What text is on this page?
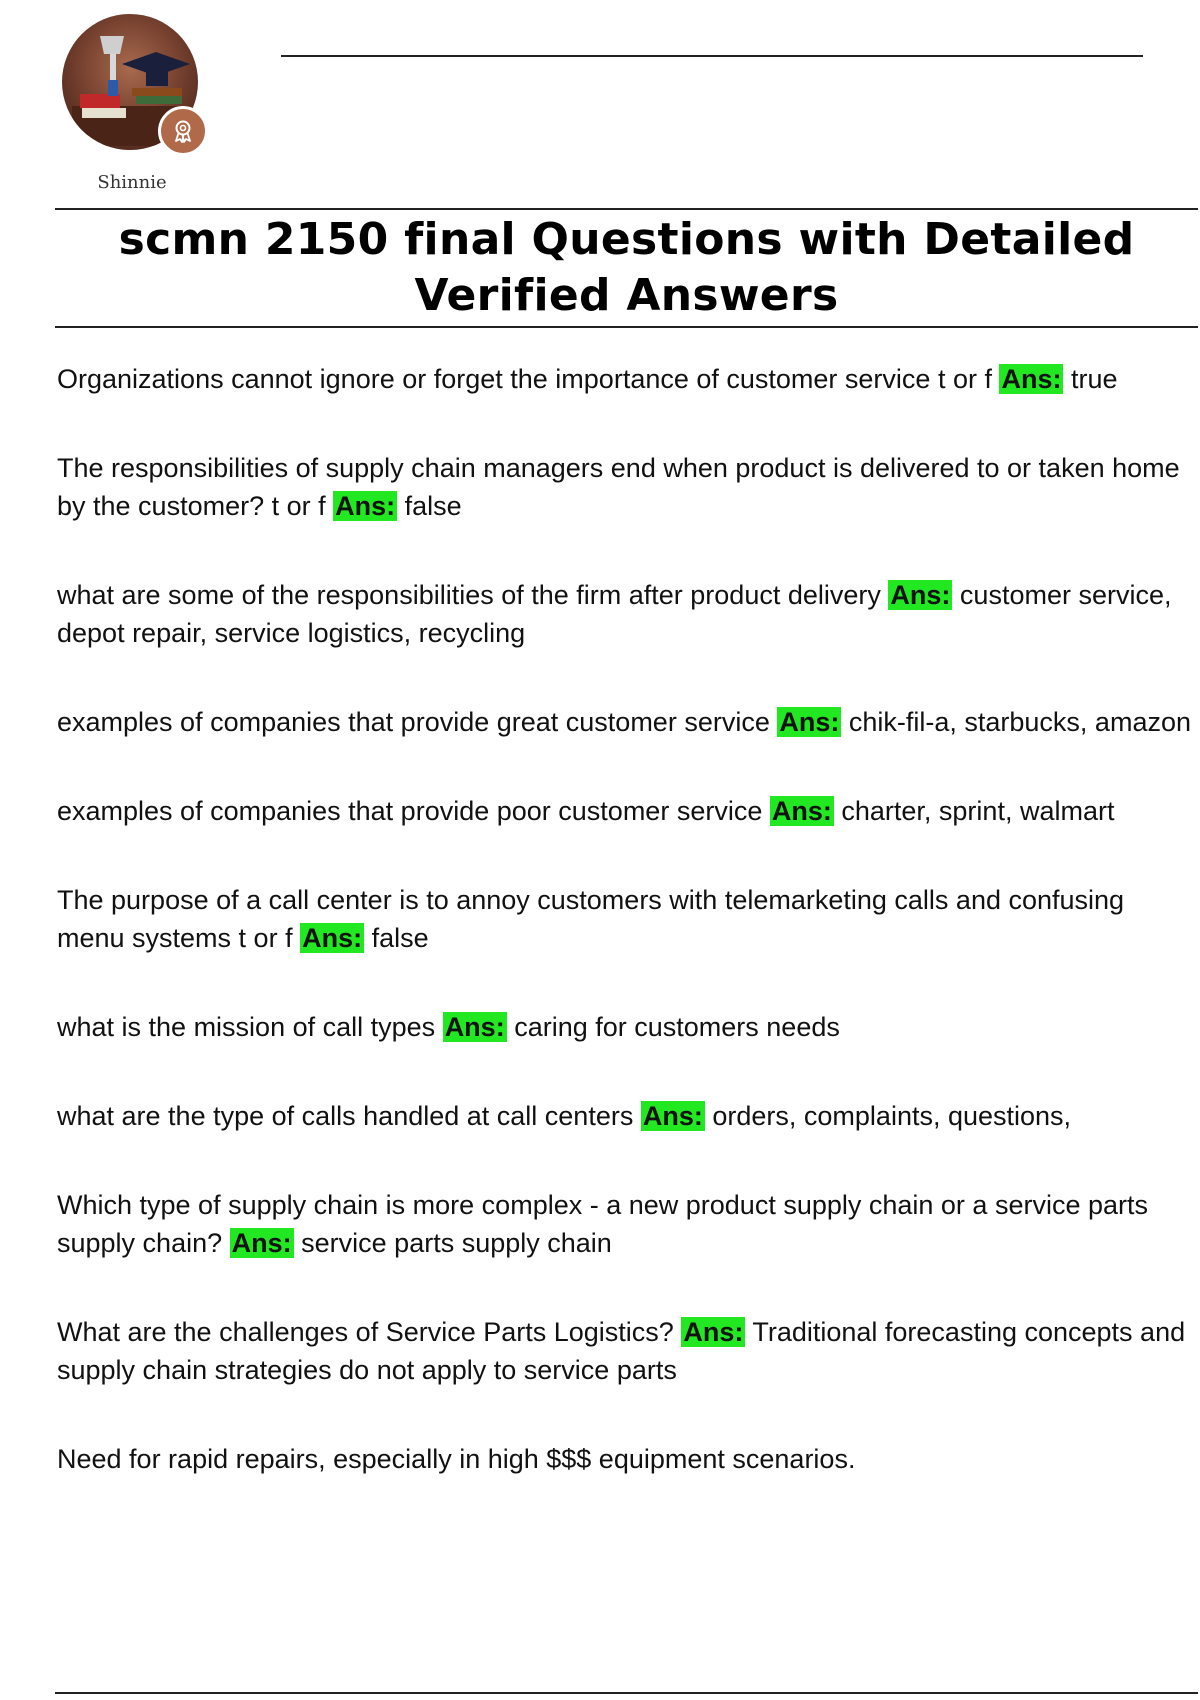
Shinnie
scmn 2150 final Questions with Detailed Verified Answers

Organizations cannot ignore or forget the importance of customer service t or f Ans: true

The responsibilities of supply chain managers end when product is delivered to or taken home by the customer? t or f Ans: false

what are some of the responsibilities of the firm after product delivery Ans: customer service, depot repair, service logistics, recycling

examples of companies that provide great customer service Ans: chik-fil-a, starbucks, amazon

examples of companies that provide poor customer service Ans: charter, sprint, walmart

The purpose of a call center is to annoy customers with telemarketing calls and confusing menu systems t or f Ans: false

what is the mission of call types Ans: caring for customers needs

what are the type of calls handled at call centers Ans: orders, complaints, questions,

Which type of supply chain is more complex - a new product supply chain or a service parts supply chain? Ans: service parts supply chain

What are the challenges of Service Parts Logistics? Ans: Traditional forecasting concepts and supply chain strategies do not apply to service parts

Need for rapid repairs, especially in high $$$ equipment scenarios.
